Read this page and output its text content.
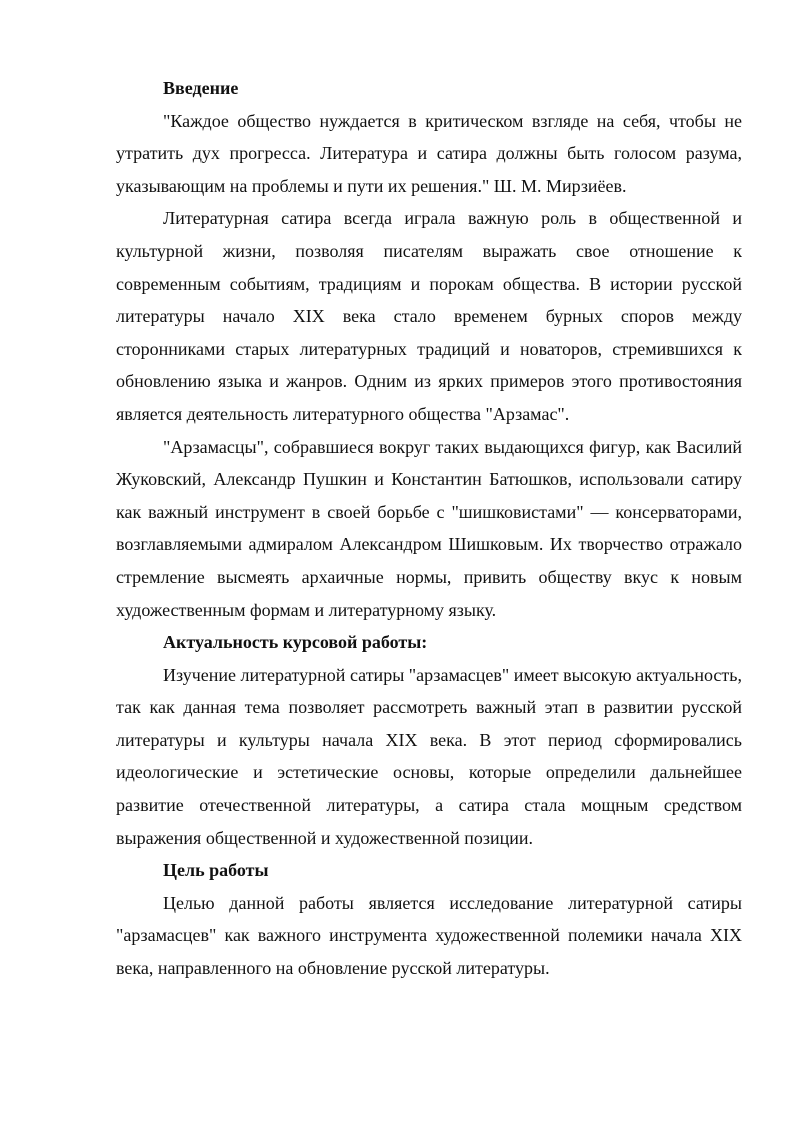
Введение

"Каждое общество нуждается в критическом взгляде на себя, чтобы не утратить дух прогресса. Литература и сатира должны быть голосом разума, указывающим на проблемы и пути их решения." Ш. М. Мирзиёев.

Литературная сатира всегда играла важную роль в общественной и культурной жизни, позволяя писателям выражать свое отношение к современным событиям, традициям и порокам общества. В истории русской литературы начало XIX века стало временем бурных споров между сторонниками старых литературных традиций и новаторов, стремившихся к обновлению языка и жанров. Одним из ярких примеров этого противостояния является деятельность литературного общества "Арзамас".

"Арзамасцы", собравшиеся вокруг таких выдающихся фигур, как Василий Жуковский, Александр Пушкин и Константин Батюшков, использовали сатиру как важный инструмент в своей борьбе с "шишковистами" — консерваторами, возглавляемыми адмиралом Александром Шишковым. Их творчество отражало стремление высмеять архаичные нормы, привить обществу вкус к новым художественным формам и литературному языку.

Актуальность курсовой работы:

Изучение литературной сатиры "арзамасцев" имеет высокую актуальность, так как данная тема позволяет рассмотреть важный этап в развитии русской литературы и культуры начала XIX века. В этот период сформировались идеологические и эстетические основы, которые определили дальнейшее развитие отечественной литературы, а сатира стала мощным средством выражения общественной и художественной позиции.

Цель работы

Целью данной работы является исследование литературной сатиры "арзамасцев" как важного инструмента художественной полемики начала XIX века, направленного на обновление русской литературы.
